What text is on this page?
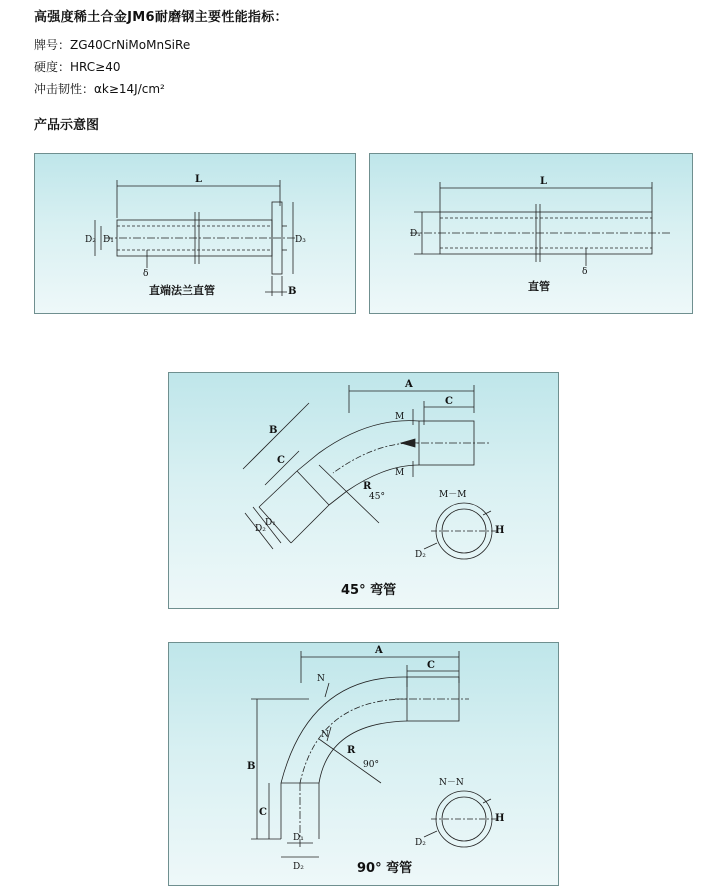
高强度稀土合金JM6耐磨钢主要性能指标：
牌号：ZG40CrNiMoMnSiRe
硬度：HRC≥40
冲击韧性：αk≥14J/cm²
产品示意图
L
D₂ D₁	D₃
δ
B
直端法兰直管
L
D₁
δ
直管
A
C
M
M
B
C
D₁
D₂
R
45°	M－M
H
D₂
45° 弯管
A
C
N
N
B
C
D₁
D₂
R
90°
N－N
H
D₂
90° 弯管
